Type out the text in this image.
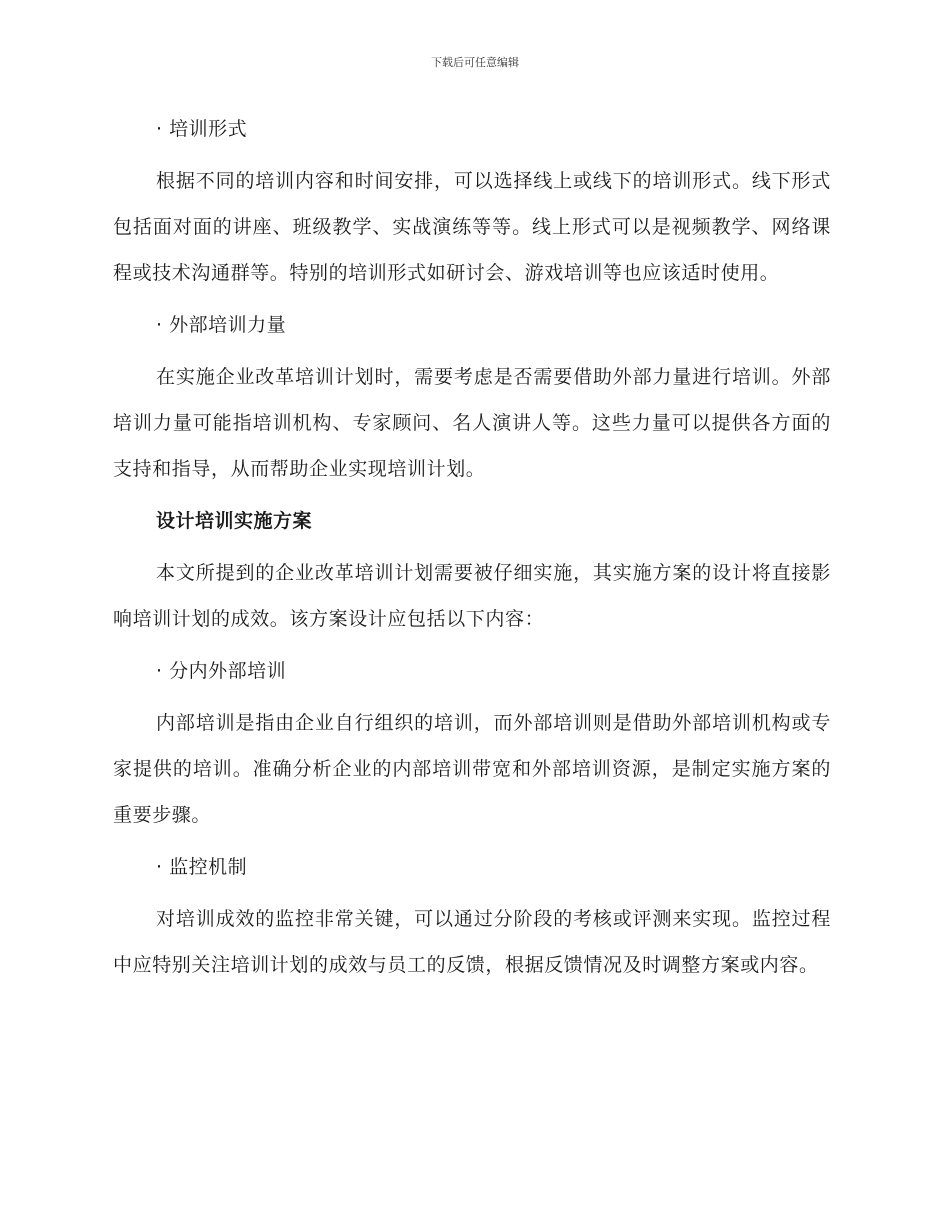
下载后可任意编辑

· 培训形式

根据不同的培训内容和时间安排，可以选择线上或线下的培训形式。线下形式包括面对面的讲座、班级教学、实战演练等等。线上形式可以是视频教学、网络课程或技术沟通群等。特别的培训形式如研讨会、游戏培训等也应该适时使用。

· 外部培训力量

在实施企业改革培训计划时，需要考虑是否需要借助外部力量进行培训。外部培训力量可能指培训机构、专家顾问、名人演讲人等。这些力量可以提供各方面的支持和指导，从而帮助企业实现培训计划。

设计培训实施方案

本文所提到的企业改革培训计划需要被仔细实施，其实施方案的设计将直接影响培训计划的成效。该方案设计应包括以下内容：

· 分内外部培训

内部培训是指由企业自行组织的培训，而外部培训则是借助外部培训机构或专家提供的培训。准确分析企业的内部培训带宽和外部培训资源，是制定实施方案的重要步骤。

· 监控机制

对培训成效的监控非常关键，可以通过分阶段的考核或评测来实现。监控过程中应特别关注培训计划的成效与员工的反馈，根据反馈情况及时调整方案或内容。
